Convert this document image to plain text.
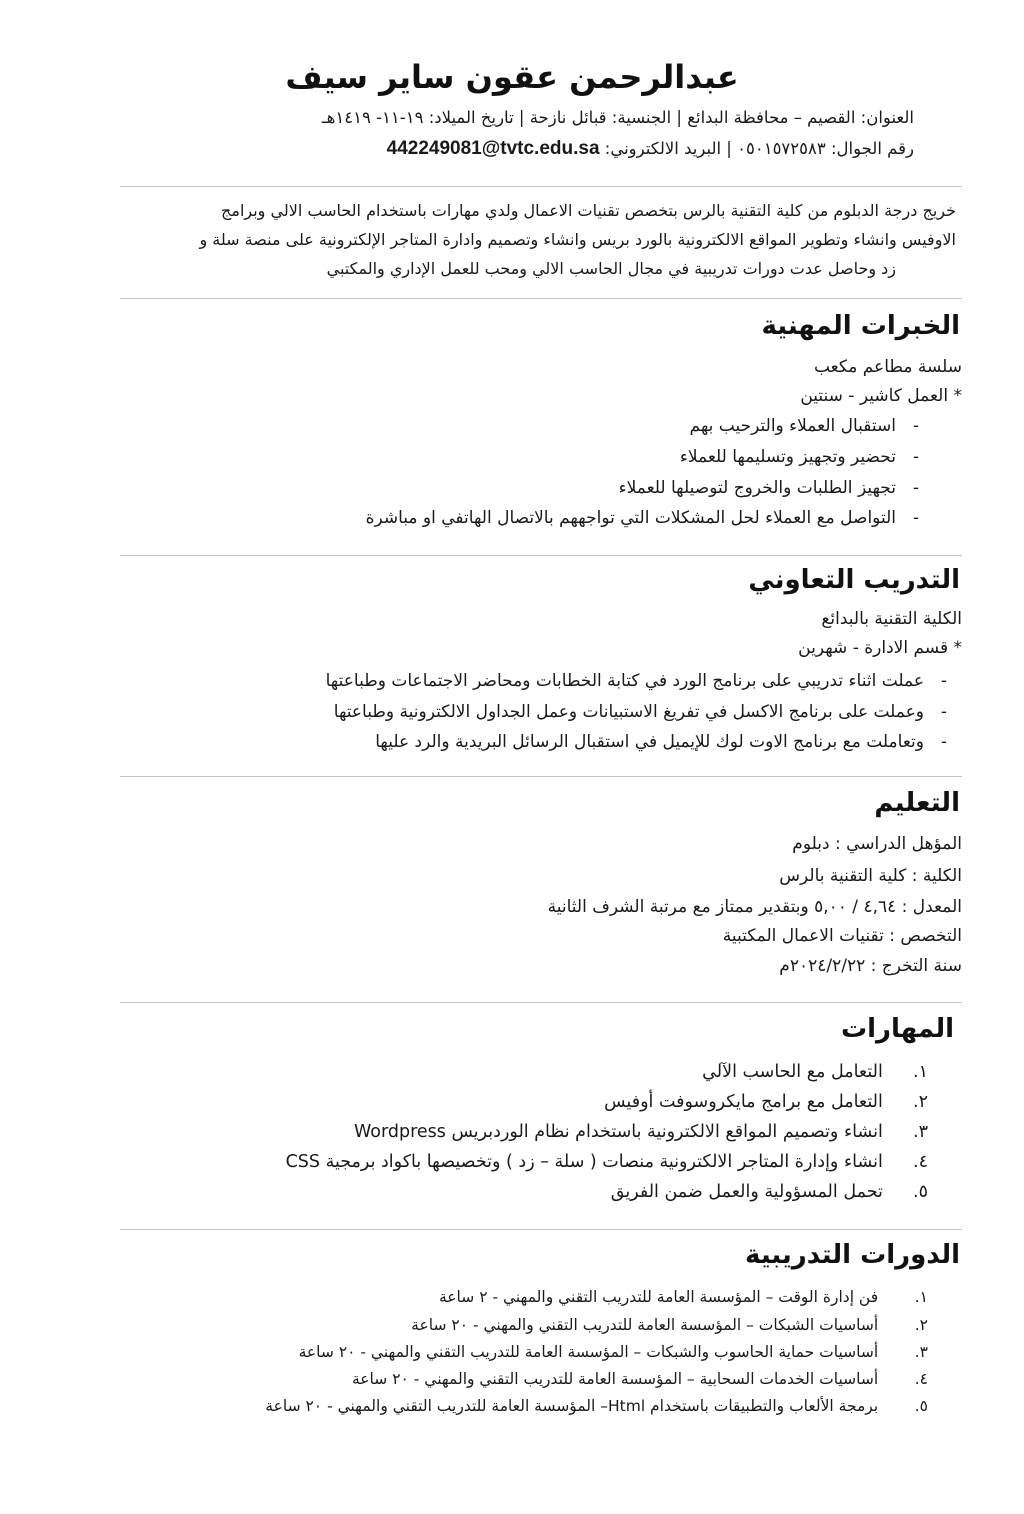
عبدالرحمن عقون ساير سيف
العنوان: القصيم – محافظة البدائع | الجنسية: قبائل نازحة | تاريخ الميلاد: ١٩-١١- ١٤١٩هـ
رقم الجوال: ٠٥٠١٥٧٢٥٨٣ | البريد الالكتروني: 442249081@tvtc.edu.sa
خريج درجة الدبلوم من كلية التقنية بالرس بتخصص تقنيات الاعمال ولدي مهارات باستخدام الحاسب الالي وبرامج
الاوفيس وانشاء وتطوير المواقع الالكترونية بالورد بريس وانشاء وتصميم وادارة المتاجر الإلكترونية على منصة سلة و
زد وحاصل عدت دورات تدريبية في مجال الحاسب الالي ومحب للعمل الإداري والمكتبي
الخبرات المهنية
سلسة مطاعم مكعب
* العمل كاشير - سنتين
-استقبال العملاء والترحيب بهم
-تحضير وتجهيز وتسليمها للعملاء
-تجهيز الطلبات والخروج لتوصيلها للعملاء
-التواصل مع العملاء لحل المشكلات التي تواجههم بالاتصال الهاتفي او مباشرة
التدريب التعاوني
الكلية التقنية بالبدائع
* قسم الادارة - شهرين
-عملت اثناء تدريبي على برنامج الورد في كتابة الخطابات ومحاضر الاجتماعات وطباعتها
-وعملت على برنامج الاكسل في تفريغ الاستبيانات وعمل الجداول الالكترونية وطباعتها
-وتعاملت مع برنامج الاوت لوك للإيميل في استقبال الرسائل البريدية والرد عليها
التعليم
المؤهل الدراسي : دبلوم
الكلية : كلية التقنية بالرس
المعدل : ٤,٦٤ / ٥,٠٠ وبتقدير ممتاز مع مرتبة الشرف الثانية
التخصص : تقنيات الاعمال المكتبية
سنة التخرج : ٢٠٢٤/٢/٢٢م
المهارات
١.  التعامل مع الحاسب الآلي
٢.  التعامل مع برامج مايكروسوفت أوفيس
٣.  انشاء وتصميم المواقع الالكترونية باستخدام نظام الوردبريس Wordpress
٤.  انشاء وإدارة المتاجر الالكترونية منصات ( سلة – زد ) وتخصيصها باكواد برمجية CSS
٥.  تحمل المسؤولية والعمل ضمن الفريق
الدورات التدريبية
١.  فن إدارة الوقت – المؤسسة العامة للتدريب التقني والمهني - ٢ ساعة
٢.  أساسيات الشبكات – المؤسسة العامة للتدريب التقني والمهني - ٢٠ ساعة
٣.  أساسيات حماية الحاسوب والشبكات – المؤسسة العامة للتدريب التقني والمهني - ٢٠ ساعة
٤.  أساسيات الخدمات السحابية – المؤسسة العامة للتدريب التقني والمهني - ٢٠ ساعة
٥.  برمجة الألعاب والتطبيقات باستخدام Html– المؤسسة العامة للتدريب التقني والمهني - ٢٠ ساعة
